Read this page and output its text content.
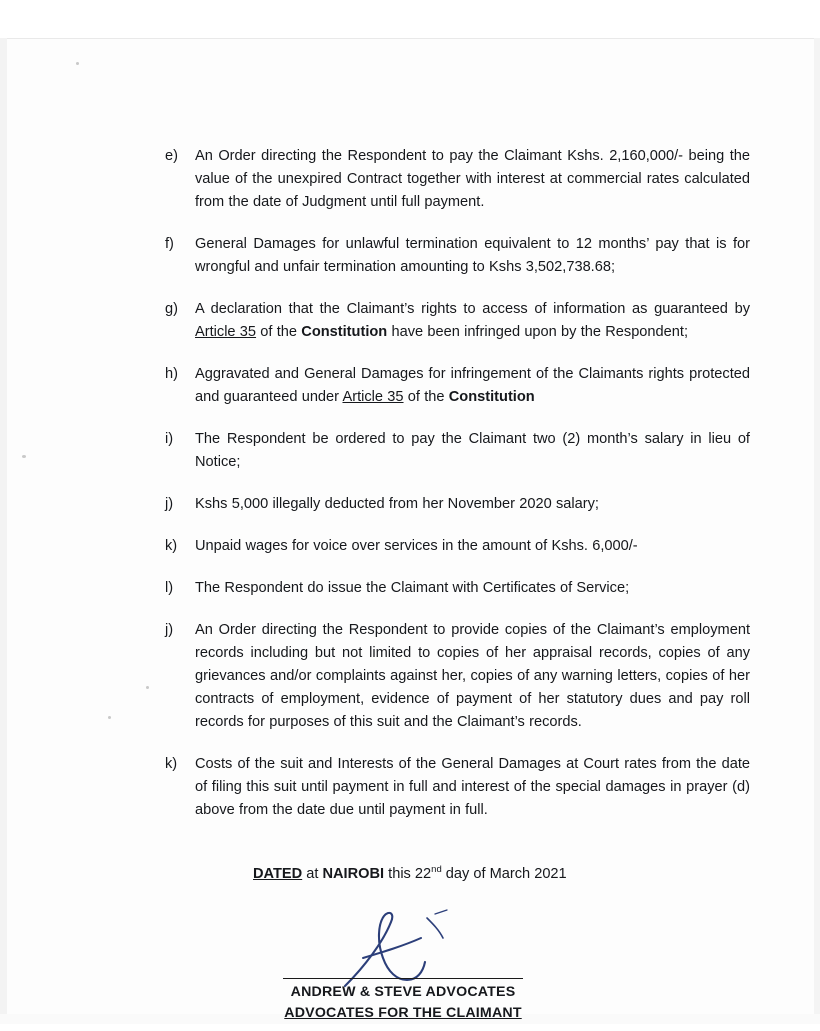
e)	An Order directing the Respondent to pay the Claimant Kshs. 2,160,000/- being the value of the unexpired Contract together with interest at commercial rates calculated from the date of Judgment until full payment.
f)	General Damages for unlawful termination equivalent to 12 months’ pay that is for wrongful and unfair termination amounting to Kshs 3,502,738.68;
g)	A declaration that the Claimant’s rights to access of information as guaranteed by Article 35 of the Constitution have been infringed upon by the Respondent;
h)	Aggravated and General Damages for infringement of the Claimants rights protected and guaranteed under Article 35 of the Constitution
i)	The Respondent be ordered to pay the Claimant two (2) month’s salary in lieu of Notice;
j)	Kshs 5,000 illegally deducted from her November 2020 salary;
k)	Unpaid wages for voice over services in the amount of Kshs. 6,000/-
l)	The Respondent do issue the Claimant with Certificates of Service;
j)	An Order directing the Respondent to provide copies of the Claimant’s employment records including but not limited to copies of her appraisal records, copies of any grievances and/or complaints against her, copies of any warning letters, copies of her contracts of employment, evidence of payment of her statutory dues and pay roll records for purposes of this suit and the Claimant’s records.
k)	Costs of the suit and Interests of the General Damages at Court rates from the date of filing this suit until payment in full and interest of the special damages in prayer (d) above from the date due until payment in full.
DATED at NAIROBI this 22nd day of March 2021
ANDREW & STEVE ADVOCATES
ADVOCATES FOR THE CLAIMANT
